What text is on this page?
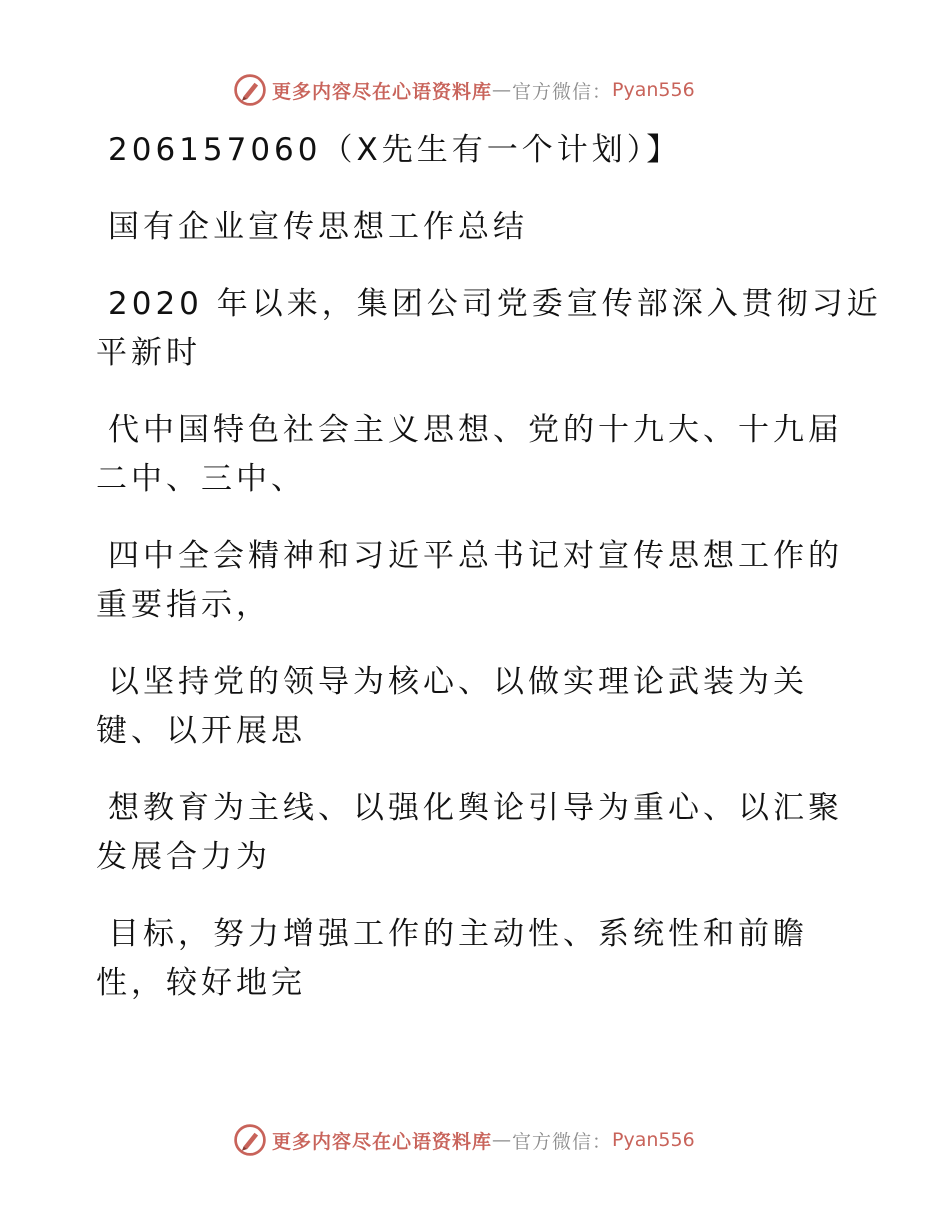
更多内容尽在心语资料库 — 官方微信： Pyan556

206157060（X先生有一个计划）】

国有企业宣传思想工作总结

2020 年以来，集团公司党委宣传部深入贯彻习近
平新时

代中国特色社会主义思想、党的十九大、十九届
二中、三中、

四中全会精神和习近平总书记对宣传思想工作的
重要指示，

以坚持党的领导为核心、以做实理论武装为关
键、以开展思

想教育为主线、以强化舆论引导为重心、以汇聚
发展合力为

目标，努力增强工作的主动性、系统性和前瞻
性，较好地完

更多内容尽在心语资料库 — 官方微信： Pyan556
